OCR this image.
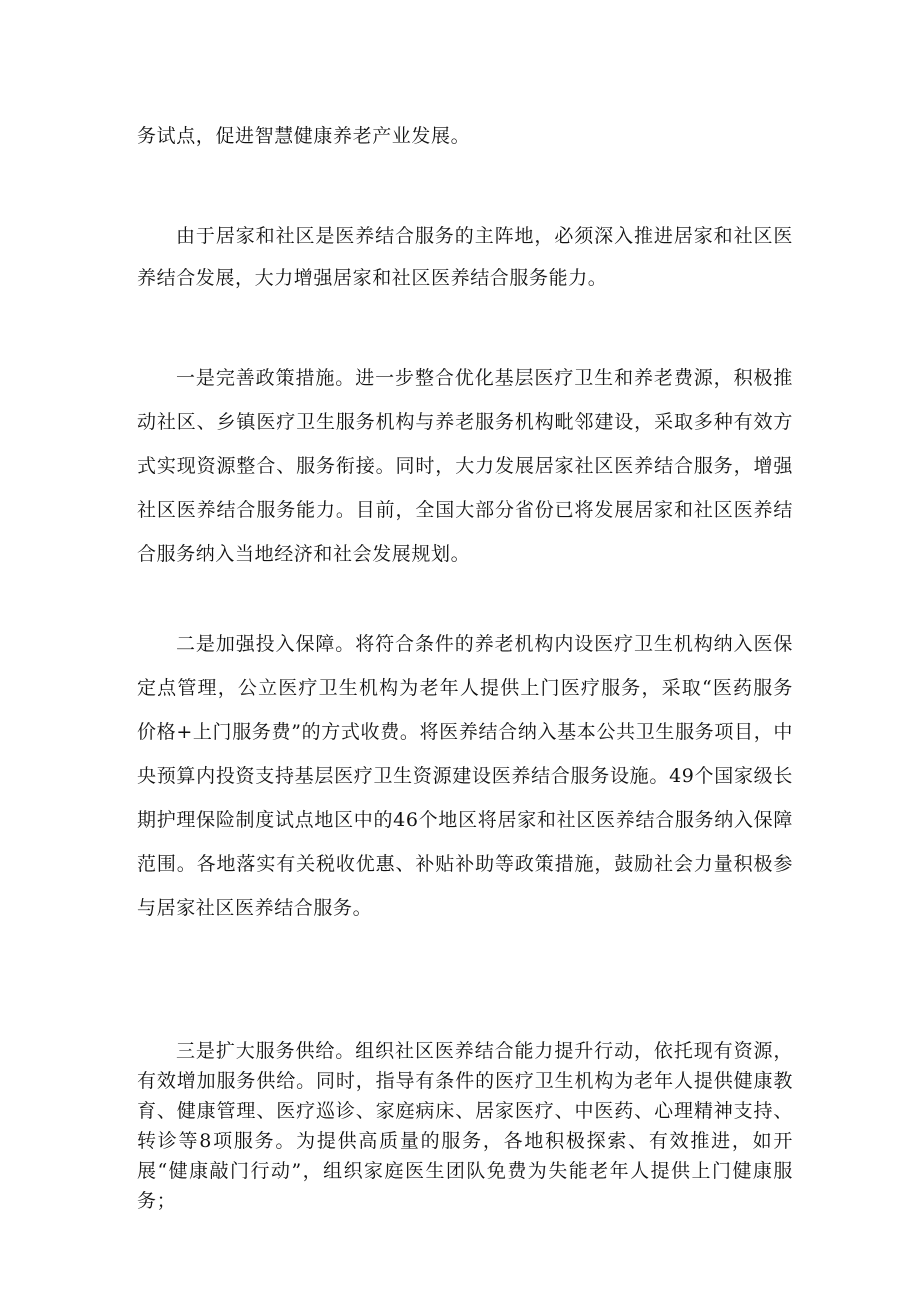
务试点，促进智慧健康养老产业发展。

由于居家和社区是医养结合服务的主阵地，必须深入推进居家和社区医养结合发展，大力增强居家和社区医养结合服务能力。

一是完善政策措施。进一步整合优化基层医疗卫生和养老费源，积极推动社区、乡镇医疗卫生服务机构与养老服务机构毗邻建设，采取多种有效方式实现资源整合、服务衔接。同时，大力发展居家社区医养结合服务，增强社区医养结合服务能力。目前，全国大部分省份已将发展居家和社区医养结合服务纳入当地经济和社会发展规划。

二是加强投入保障。将符合条件的养老机构内设医疗卫生机构纳入医保定点管理，公立医疗卫生机构为老年人提供上门医疗服务，采取“医药服务价格+上门服务费”的方式收费。将医养结合纳入基本公共卫生服务项目，中央预算内投资支持基层医疗卫生资源建设医养结合服务设施。49个国家级长期护理保险制度试点地区中的46个地区将居家和社区医养结合服务纳入保障范围。各地落实有关税收优惠、补贴补助等政策措施，鼓励社会力量积极参与居家社区医养结合服务。

三是扩大服务供给。组织社区医养结合能力提升行动，依托现有资源，有效增加服务供给。同时，指导有条件的医疗卫生机构为老年人提供健康教育、健康管理、医疗巡诊、家庭病床、居家医疗、中医药、心理精神支持、转诊等8项服务。为提供高质量的服务，各地积极探索、有效推进，如开展“健康敲门行动”，组织家庭医生团队免费为失能老年人提供上门健康服务；
